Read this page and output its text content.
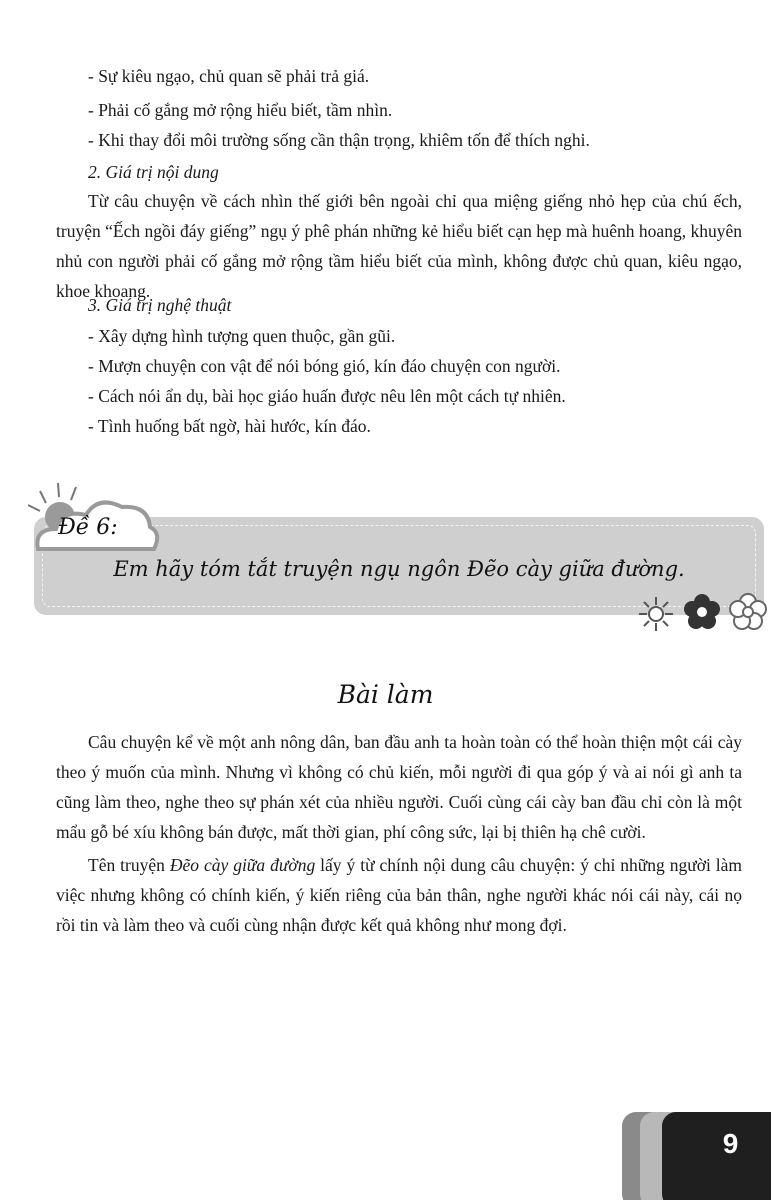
- Sự kiêu ngạo, chủ quan sẽ phải trả giá.
- Phải cố gắng mở rộng hiểu biết, tầm nhìn.
- Khi thay đổi môi trường sống cần thận trọng, khiêm tốn để thích nghi.
2. Giá trị nội dung
Từ câu chuyện về cách nhìn thế giới bên ngoài chỉ qua miệng giếng nhỏ hẹp của chú ếch, truyện “Ếch ngồi đáy giếng” ngụ ý phê phán những kẻ hiểu biết cạn hẹp mà huênh hoang, khuyên nhủ con người phải cố gắng mở rộng tầm hiểu biết của mình, không được chủ quan, kiêu ngạo, khoe khoang.
3. Giá trị nghệ thuật
- Xây dựng hình tượng quen thuộc, gần gũi.
- Mượn chuyện con vật để nói bóng gió, kín đáo chuyện con người.
- Cách nói ẩn dụ, bài học giáo huấn được nêu lên một cách tự nhiên.
- Tình huống bất ngờ, hài hước, kín đáo.
Em hãy tóm tắt truyện ngụ ngôn Đẽo cày giữa đường.
Đề 6:
Bài làm
Câu chuyện kể về một anh nông dân, ban đầu anh ta hoàn toàn có thể hoàn thiện một cái cày theo ý muốn của mình. Nhưng vì không có chủ kiến, mỗi người đi qua góp ý và ai nói gì anh ta cũng làm theo, nghe theo sự phán xét của nhiều người. Cuối cùng cái cày ban đầu chỉ còn là một mẩu gỗ bé xíu không bán được, mất thời gian, phí công sức, lại bị thiên hạ chê cười.
Tên truyện Đẽo cày giữa đường lấy ý từ chính nội dung câu chuyện: ý chỉ những người làm việc nhưng không có chính kiến, ý kiến riêng của bản thân, nghe người khác nói cái này, cái nọ rồi tin và làm theo và cuối cùng nhận được kết quả không như mong đợi.
9
